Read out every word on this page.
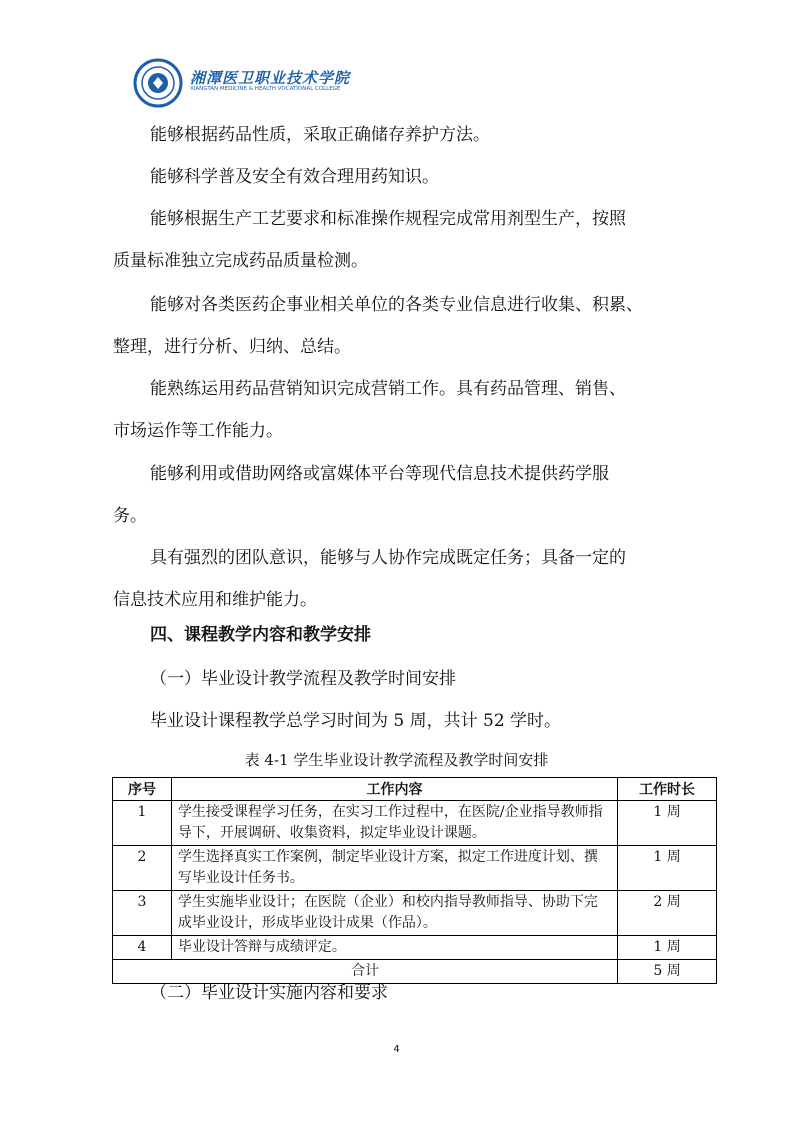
湘潭医卫职业技术学院
XIANGTAN MEDICINE & HEALTH VOCATIONAL COLLEGE
能够根据药品性质，采取正确储存养护方法。
能够科学普及安全有效合理用药知识。
能够根据生产工艺要求和标准操作规程完成常用剂型生产，按照
质量标准独立完成药品质量检测。
能够对各类医药企事业相关单位的各类专业信息进行收集、积累、
整理，进行分析、归纳、总结。
能熟练运用药品营销知识完成营销工作。具有药品管理、销售、
市场运作等工作能力。
能够利用或借助网络或富媒体平台等现代信息技术提供药学服
务。
具有强烈的团队意识，能够与人协作完成既定任务；具备一定的
信息技术应用和维护能力。
四、课程教学内容和教学安排
（一）毕业设计教学流程及教学时间安排
毕业设计课程教学总学习时间为 5 周，共计 52 学时。
表 4-1 学生毕业设计教学流程及教学时间安排
序号	工作内容	工作时长
1	学生接受课程学习任务，在实习工作过程中，在医院/企业指导教师指导下，开展调研、收集资料，拟定毕业设计课题。	1 周
2	学生选择真实工作案例，制定毕业设计方案，拟定工作进度计划、撰写毕业设计任务书。	1 周
3	学生实施毕业设计；在医院（企业）和校内指导教师指导、协助下完成毕业设计，形成毕业设计成果（作品）。	2 周
4	毕业设计答辩与成绩评定。	1 周
合计		5 周
（二）毕业设计实施内容和要求
4
